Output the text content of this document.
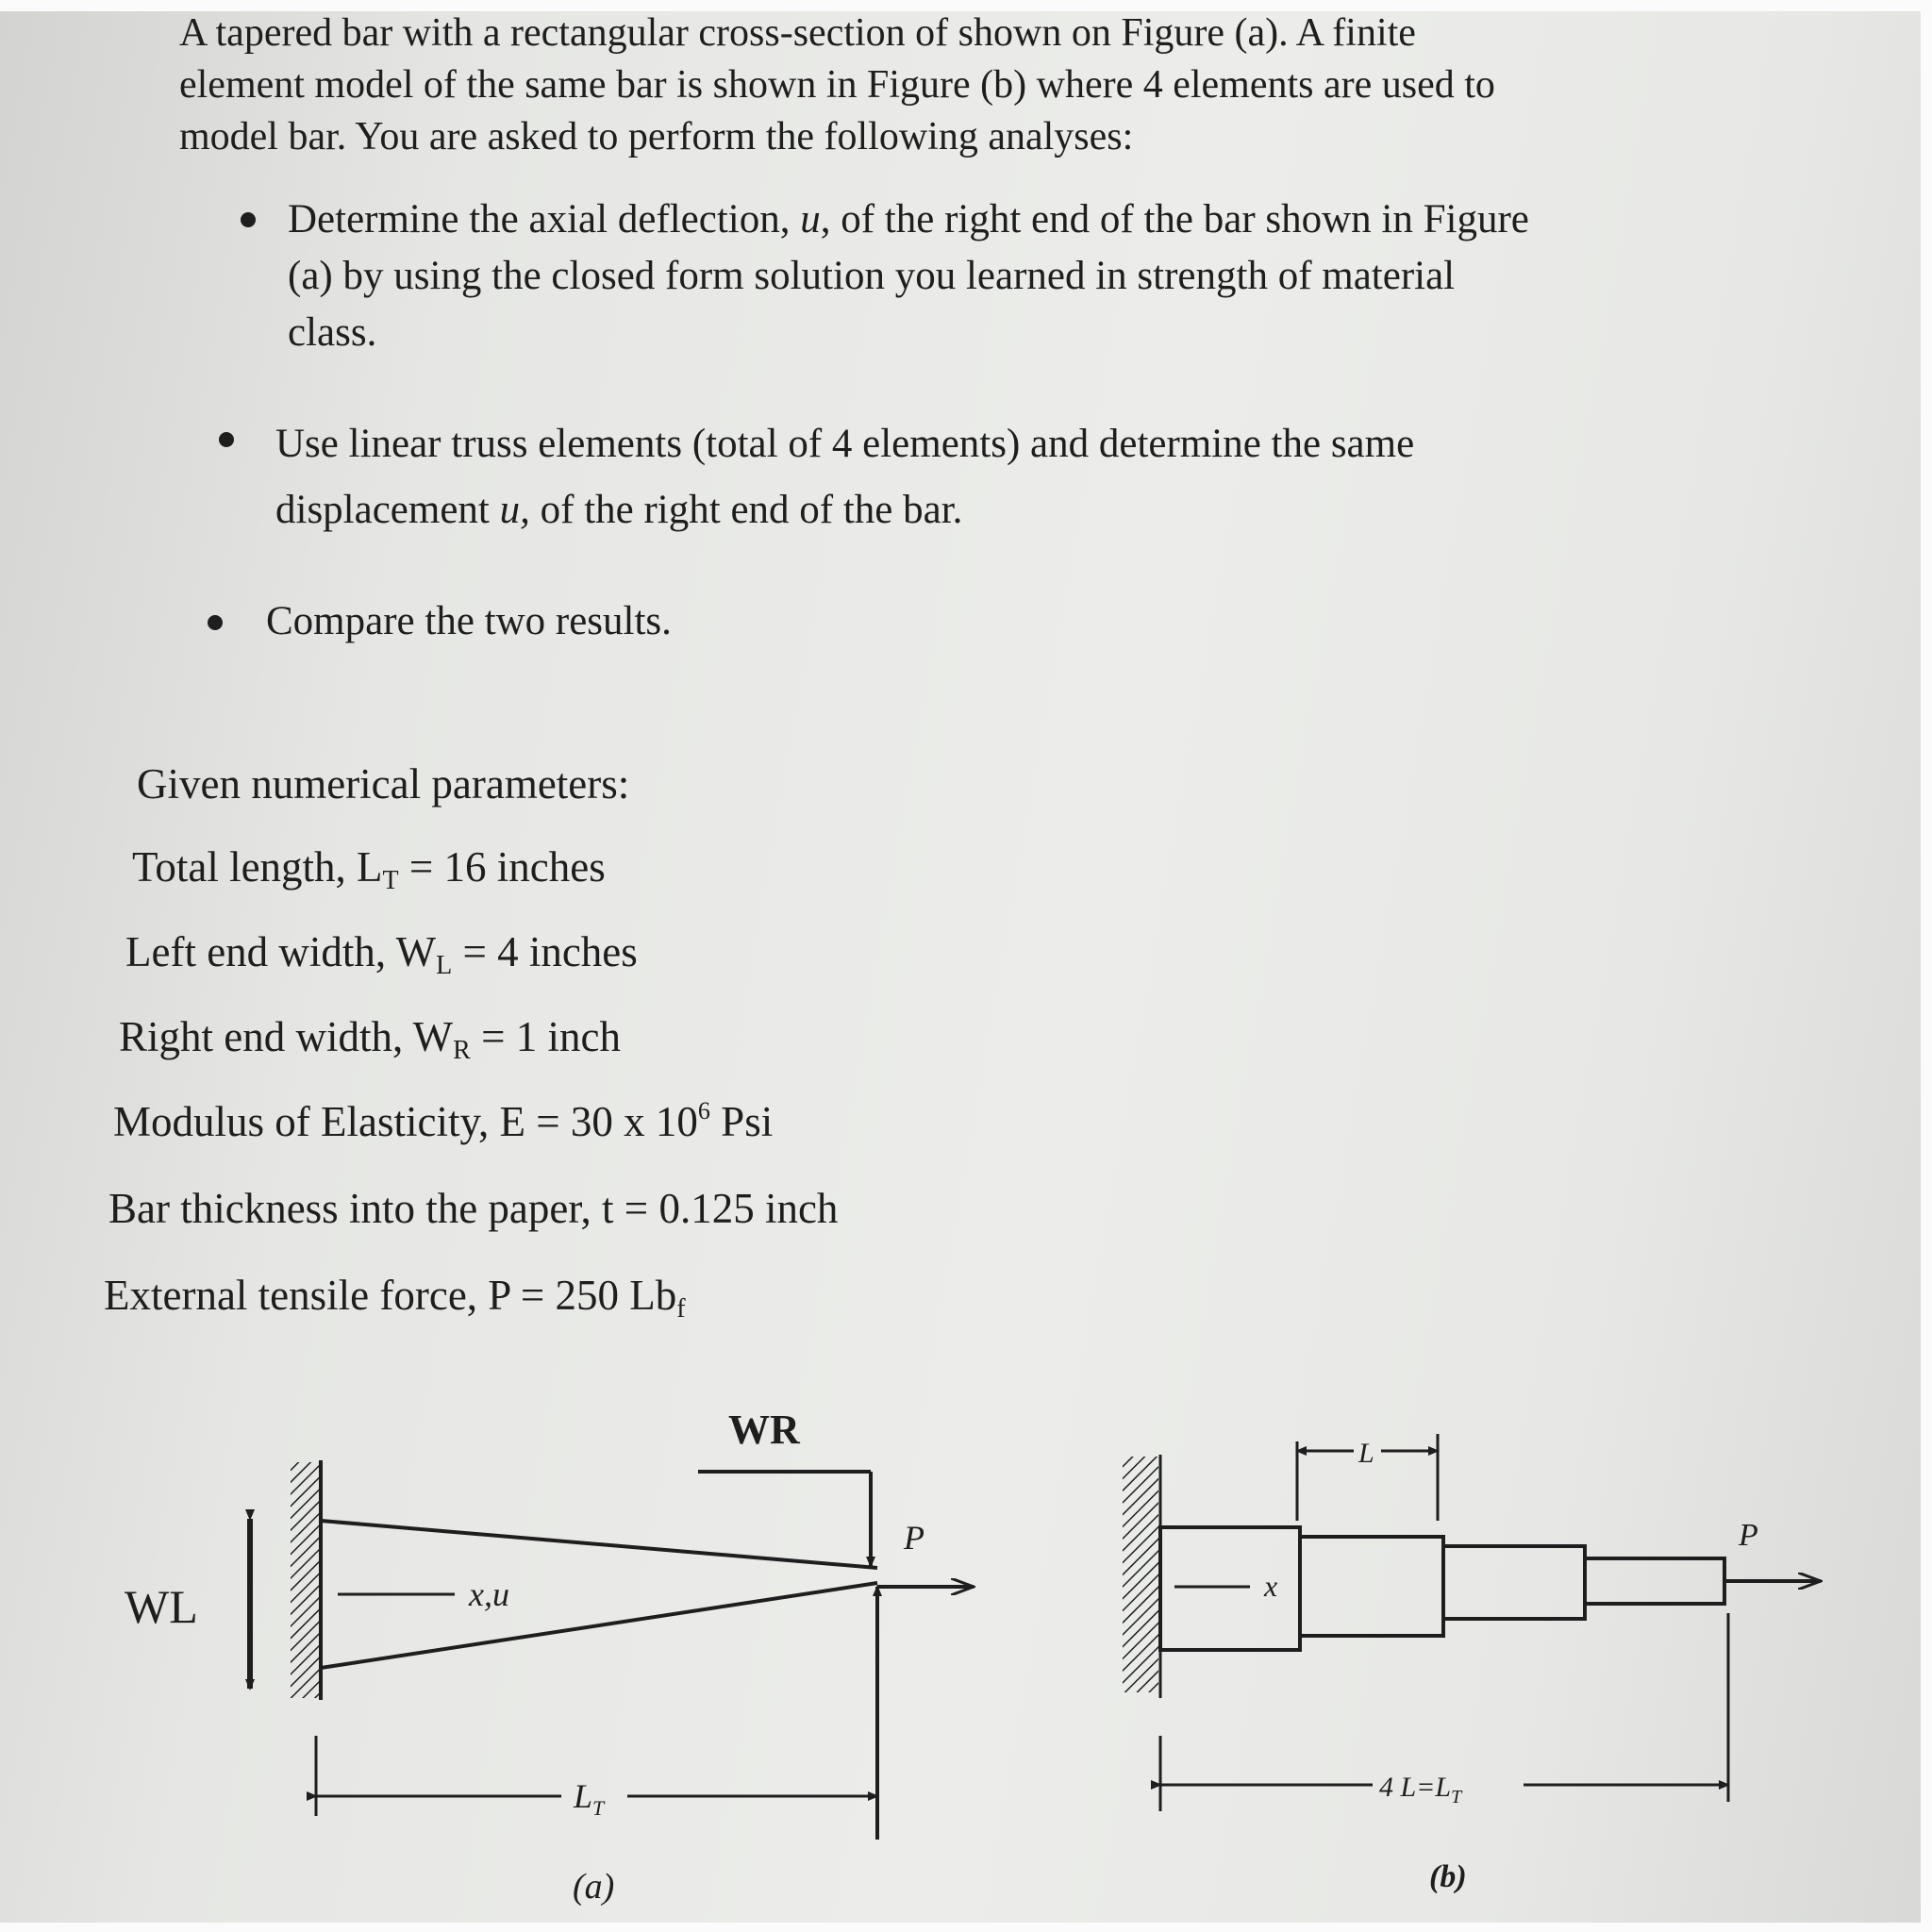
A tapered bar with a rectangular cross-section of shown on Figure (a). A finite
element model of the same bar is shown in Figure (b) where 4 elements are used to
model bar. You are asked to perform the following analyses:
Determine the axial deflection, u, of the right end of the bar shown in Figure
(a) by using the closed form solution you learned in strength of material
class.
Use linear truss elements (total of 4 elements) and determine the same
displacement u, of the right end of the bar.
Compare the two results.
Given numerical parameters:
Total length, $L_T = 16$ inches
Left end width, $W_L = 4$ inches
Right end width, $W_R = 1$ inch
Modulus of Elasticity, E = 30 x $10^6$ Psi
Bar thickness into the paper, t = 0.125 inch
External tensile force, P = 250 $Lb_f$
x,u
WR
P
WL
$L_T$
(a)
x
L
P
4 $L=L_T$
(b)
